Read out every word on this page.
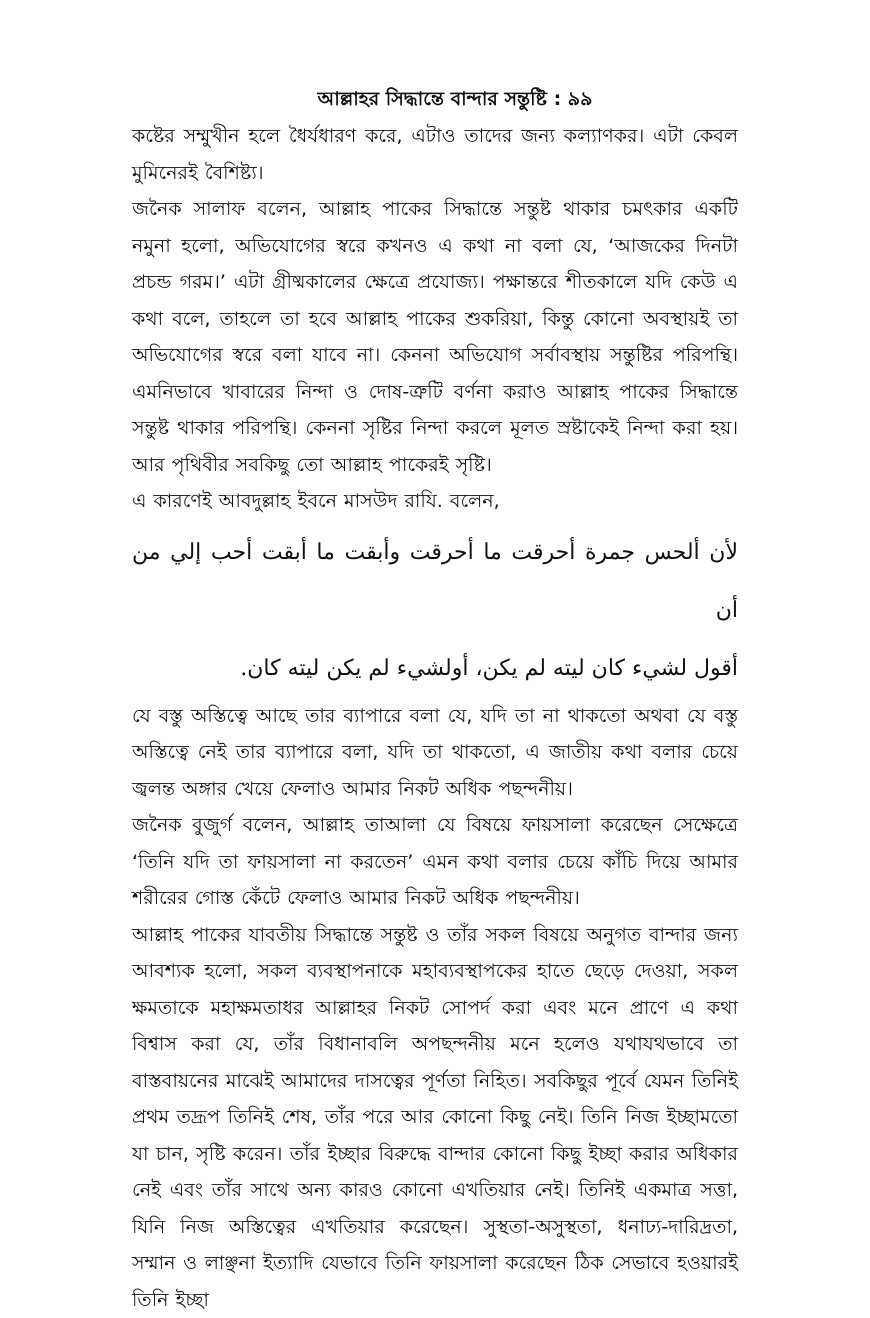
আল্লাহর সিদ্ধান্তে বান্দার সন্তুষ্টি : ৯৯

কষ্টের সম্মুখীন হলে ধৈর্যধারণ করে, এটাও তাদের জন্য কল্যাণকর। এটা কেবল মুমিনেরই বৈশিষ্ট্য।

জনৈক সালাফ বলেন, আল্লাহ পাকের সিদ্ধান্তে সন্তুষ্ট থাকার চমৎকার একটি নমুনা হলো, অভিযোগের স্বরে কখনও এ কথা না বলা যে, ‘আজকের দিনটা প্রচন্ড গরম।’ এটা গ্রীষ্মকালের ক্ষেত্রে প্রযোজ্য। পক্ষান্তরে শীতকালে যদি কেউ এ কথা বলে, তাহলে তা হবে আল্লাহ পাকের শুকরিয়া, কিন্তু কোনো অবস্থায়ই তা অভিযোগের স্বরে বলা যাবে না। কেননা অভিযোগ সর্বাবস্থায় সন্তুষ্টির পরিপন্থি। এমনিভাবে খাবারের নিন্দা ও দোষ-ত্রুটি বর্ণনা করাও আল্লাহ পাকের সিদ্ধান্তে সন্তুষ্ট থাকার পরিপন্থি। কেননা সৃষ্টির নিন্দা করলে মূলত স্রষ্টাকেই নিন্দা করা হয়। আর পৃথিবীর সবকিছু তো আল্লাহ পাকেরই সৃষ্টি।

এ কারণেই আবদুল্লাহ ইবনে মাসউদ রাযি. বলেন,

لأن ألحس جمرة أحرقت ما أحرقت وأبقت ما أبقت أحب إلي من أن

أقول لشيء كان ليته لم يكن، أولشيء لم يكن ليته كان.

যে বস্তু অস্তিত্বে আছে তার ব্যাপারে বলা যে, যদি তা না থাকতো অথবা যে বস্তু অস্তিত্বে নেই তার ব্যাপারে বলা, যদি তা থাকতো, এ জাতীয় কথা বলার চেয়ে জ্বলন্ত অঙ্গার খেয়ে ফেলাও আমার নিকট অধিক পছন্দনীয়।

জনৈক বুজুর্গ বলেন, আল্লাহ তাআলা যে বিষয়ে ফায়সালা করেছেন সেক্ষেত্রে ‘তিনি যদি তা ফায়সালা না করতেন’ এমন কথা বলার চেয়ে কাঁচি দিয়ে আমার শরীরের গোস্ত কেঁটে ফেলাও আমার নিকট অধিক পছন্দনীয়।

আল্লাহ পাকের যাবতীয় সিদ্ধান্তে সন্তুষ্ট ও তাঁর সকল বিষয়ে অনুগত বান্দার জন্য আবশ্যক হলো, সকল ব্যবস্থাপনাকে মহাব্যবস্থাপকের হাতে ছেড়ে দেওয়া, সকল ক্ষমতাকে মহাক্ষমতাধর আল্লাহর নিকট সোপর্দ করা এবং মনে প্রাণে এ কথা বিশ্বাস করা যে, তাঁর বিধানাবলি অপছন্দনীয় মনে হলেও যথাযথভাবে তা বাস্তবায়নের মাঝেই আমাদের দাসত্বের পূর্ণতা নিহিত। সবকিছুর পূর্বে যেমন তিনিই প্রথম তদ্রূপ তিনিই শেষ, তাঁর পরে আর কোনো কিছু নেই। তিনি নিজ ইচ্ছামতো যা চান, সৃষ্টি করেন। তাঁর ইচ্ছার বিরুদ্ধে বান্দার কোনো কিছু ইচ্ছা করার অধিকার নেই এবং তাঁর সাথে অন্য কারও কোনো এখতিয়ার নেই। তিনিই একমাত্র সত্তা, যিনি নিজ অস্তিত্বের এখতিয়ার করেছেন। সুস্থতা-অসুস্থতা, ধনাঢ্য-দারিদ্রতা, সম্মান ও লাঞ্ছনা ইত্যাদি যেভাবে তিনি ফায়সালা করেছেন ঠিক সেভাবে হওয়ারই তিনি ইচ্ছা
